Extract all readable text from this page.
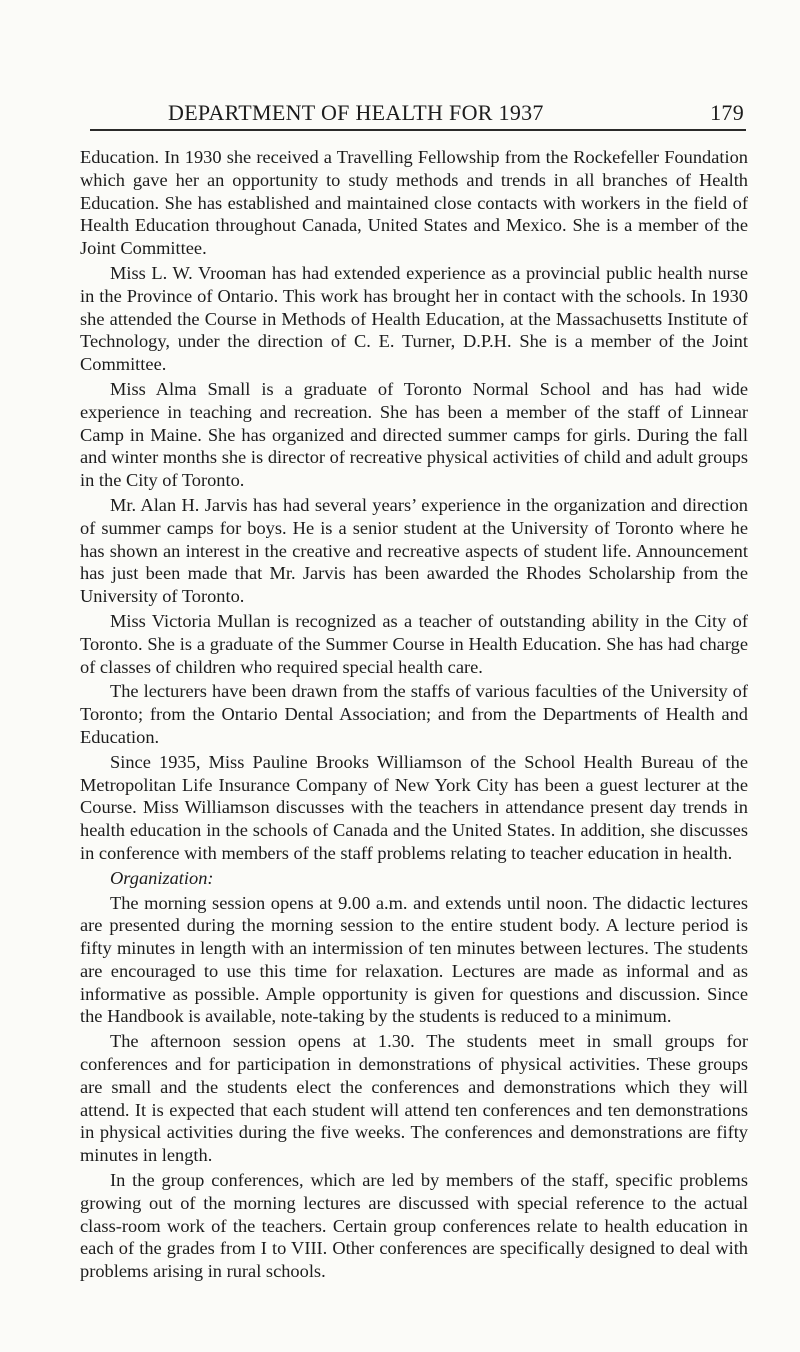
DEPARTMENT OF HEALTH FOR 1937	179

Education. In 1930 she received a Travelling Fellowship from the Rockefeller Foundation which gave her an opportunity to study methods and trends in all branches of Health Education. She has established and maintained close contacts with workers in the field of Health Education throughout Canada, United States and Mexico. She is a member of the Joint Committee.

Miss L. W. Vrooman has had extended experience as a provincial public health nurse in the Province of Ontario. This work has brought her in contact with the schools. In 1930 she attended the Course in Methods of Health Education, at the Massachusetts Institute of Technology, under the direction of C. E. Turner, D.P.H. She is a member of the Joint Committee.

Miss Alma Small is a graduate of Toronto Normal School and has had wide experience in teaching and recreation. She has been a member of the staff of Linnear Camp in Maine. She has organized and directed summer camps for girls. During the fall and winter months she is director of recreative physical activities of child and adult groups in the City of Toronto.

Mr. Alan H. Jarvis has had several years’ experience in the organization and direction of summer camps for boys. He is a senior student at the University of Toronto where he has shown an interest in the creative and recreative aspects of student life. Announcement has just been made that Mr. Jarvis has been awarded the Rhodes Scholarship from the University of Toronto.

Miss Victoria Mullan is recognized as a teacher of outstanding ability in the City of Toronto. She is a graduate of the Summer Course in Health Education. She has had charge of classes of children who required special health care.

The lecturers have been drawn from the staffs of various faculties of the University of Toronto; from the Ontario Dental Association; and from the Departments of Health and Education.

Since 1935, Miss Pauline Brooks Williamson of the School Health Bureau of the Metropolitan Life Insurance Company of New York City has been a guest lecturer at the Course. Miss Williamson discusses with the teachers in attendance present day trends in health education in the schools of Canada and the United States. In addition, she discusses in conference with members of the staff problems relating to teacher education in health.

Organization:

The morning session opens at 9.00 a.m. and extends until noon. The didactic lectures are presented during the morning session to the entire student body. A lecture period is fifty minutes in length with an intermission of ten minutes between lectures. The students are encouraged to use this time for relaxation. Lectures are made as informal and as informative as possible. Ample opportunity is given for questions and discussion. Since the Handbook is available, note-taking by the students is reduced to a minimum.

The afternoon session opens at 1.30. The students meet in small groups for conferences and for participation in demonstrations of physical activities. These groups are small and the students elect the conferences and demonstrations which they will attend. It is expected that each student will attend ten conferences and ten demonstrations in physical activities during the five weeks. The conferences and demonstrations are fifty minutes in length.

In the group conferences, which are led by members of the staff, specific problems growing out of the morning lectures are discussed with special reference to the actual class-room work of the teachers. Certain group conferences relate to health education in each of the grades from I to VIII. Other conferences are specifically designed to deal with problems arising in rural schools.
